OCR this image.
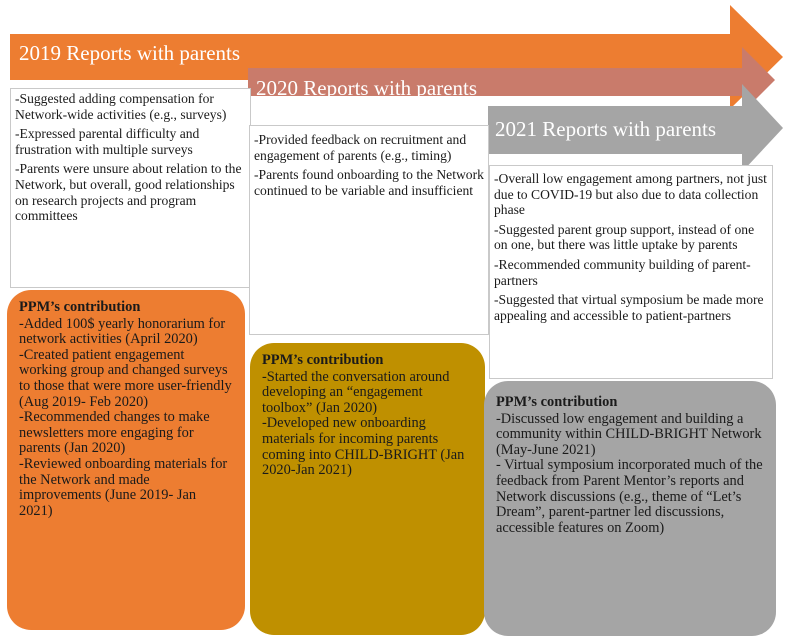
2019 Reports with parents
2020 Reports with parents
2021 Reports with parents

-Suggested adding compensation for Network-wide activities (e.g., surveys)

-Expressed parental difficulty and frustration with multiple surveys

-Parents were unsure about relation to the Network, but overall, good relationships on research projects and program committees

-Provided feedback on recruitment and engagement of parents (e.g., timing)

-Parents found onboarding to the Network continued to be variable and insufficient

-Overall low engagement among partners, not just due to COVID-19 but also due to data collection phase

-Suggested parent group support, instead of one on one, but there was little uptake by parents

-Recommended community building of parent-partners

-Suggested that virtual symposium be made more appealing and accessible to patient-partners

PPM’s contribution

-Added 100$ yearly honorarium for network activities (April 2020)

-Created patient engagement working group and changed surveys to those that were more user-friendly (Aug 2019- Feb 2020)

-Recommended changes to make newsletters more engaging for parents (Jan 2020)

-Reviewed onboarding materials for the Network and made improvements (June 2019- Jan 2021)

PPM’s contribution

-Started the conversation around developing an “engagement toolbox” (Jan 2020)

-Developed new onboarding materials for incoming parents coming into CHILD-BRIGHT (Jan 2020-Jan 2021)

PPM’s contribution

-Discussed low engagement and building a community within CHILD-BRIGHT Network (May-June 2021)

- Virtual symposium incorporated much of the feedback from Parent Mentor’s reports and Network discussions (e.g., theme of “Let’s Dream”, parent-partner led discussions, accessible features on Zoom)
